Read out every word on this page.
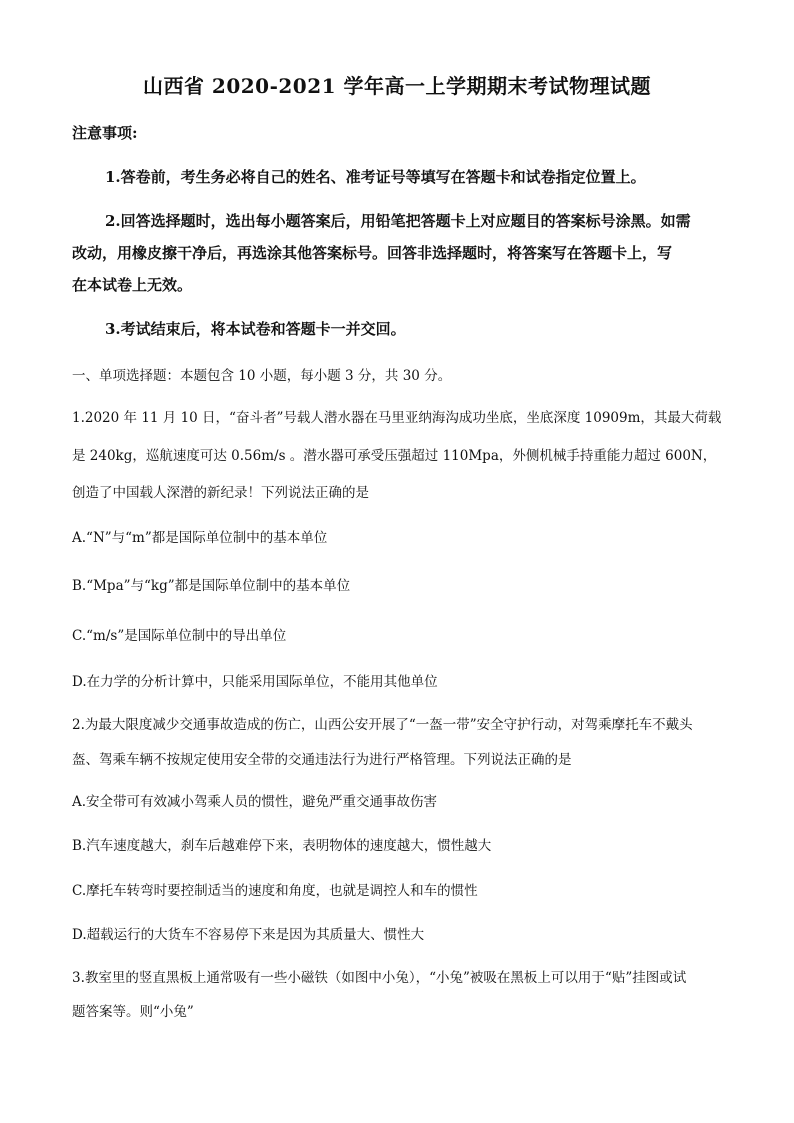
山西省 2020-2021 学年高一上学期期末考试物理试题
注意事项:
1.答卷前，考生务必将自己的姓名、准考证号等填写在答题卡和试卷指定位置上。
2.回答选择题时，选出每小题答案后，用铅笔把答题卡上对应题目的答案标号涂黑。如需
改动，用橡皮擦干净后，再选涂其他答案标号。回答非选择题时，将答案写在答题卡上，写
在本试卷上无效。
3.考试结束后，将本试卷和答题卡一并交回。
一、单项选择题：本题包含 10 小题，每小题 3 分，共 30 分。
1.2020 年 11 月 10 日，“奋斗者”号载人潜水器在马里亚纳海沟成功坐底，坐底深度 10909m，其最大荷载
是 240kg，巡航速度可达 0.56m/s 。潜水器可承受压强超过 110Mpa，外侧机械手持重能力超过 600N，
创造了中国载人深潜的新纪录！下列说法正确的是
A.“N”与“m”都是国际单位制中的基本单位
B.“Mpa”与“kg”都是国际单位制中的基本单位
C.“m/s”是国际单位制中的导出单位
D.在力学的分析计算中，只能采用国际单位，不能用其他单位
2.为最大限度减少交通事故造成的伤亡，山西公安开展了“一盔一带”安全守护行动，对驾乘摩托车不戴头
盔、驾乘车辆不按规定使用安全带的交通违法行为进行严格管理。下列说法正确的是
A.安全带可有效减小驾乘人员的惯性，避免严重交通事故伤害
B.汽车速度越大，刹车后越难停下来，表明物体的速度越大，惯性越大
C.摩托车转弯时要控制适当的速度和角度，也就是调控人和车的惯性
D.超载运行的大货车不容易停下来是因为其质量大、惯性大
3.教室里的竖直黑板上通常吸有一些小磁铁（如图中小兔），“小兔”被吸在黑板上可以用于“贴”挂图或试
题答案等。则“小兔”
